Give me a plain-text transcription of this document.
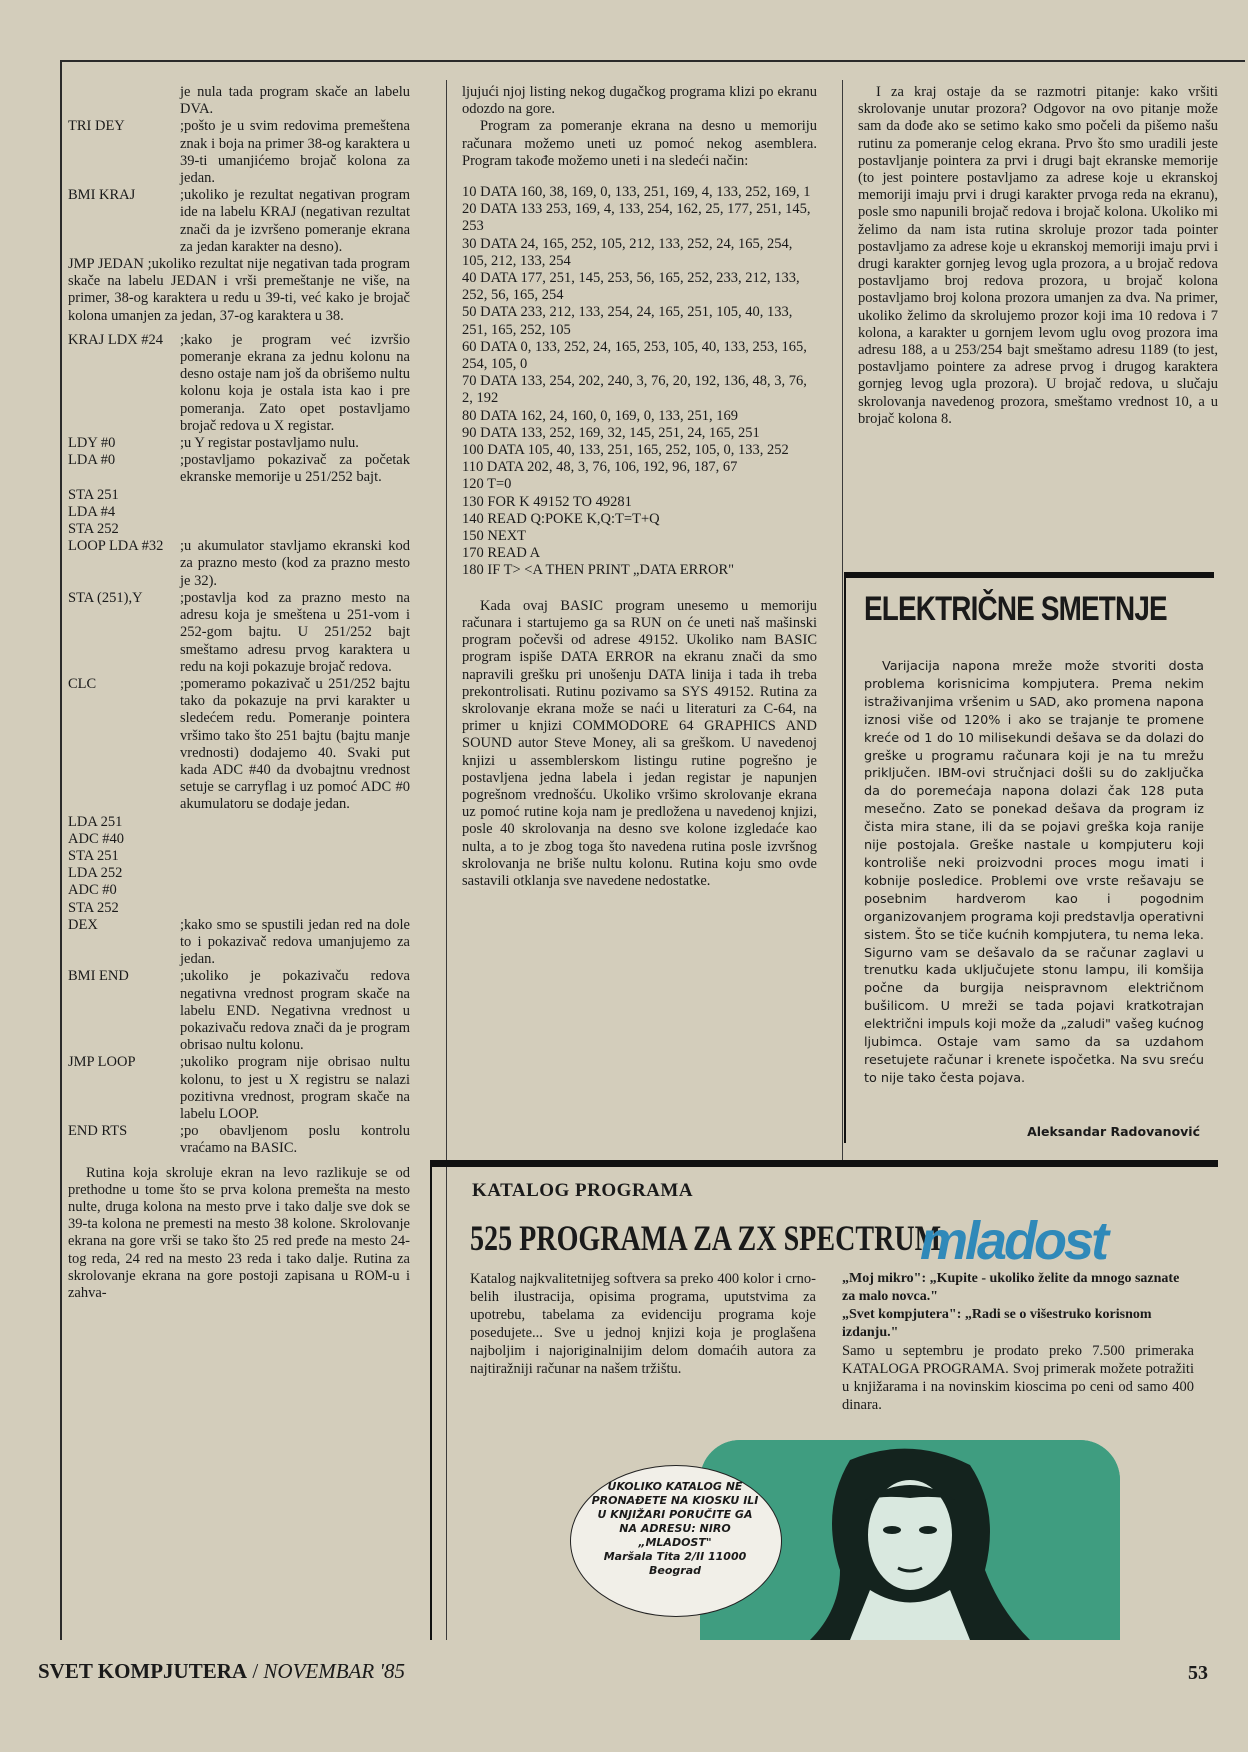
je nula tada program skače an labelu DVA.
TRI DEY	;pošto je u svim redovima premeštena znak i boja na primer 38-og karaktera u 39-ti umanjićemo brojač kolona za jedan.
BMI KRAJ	;ukoliko je rezultat negativan program ide na labelu KRAJ (negativan rezultat znači da je izvršeno pomeranje ekrana za jedan karakter na desno).

JMP JEDAN ;ukoliko rezultat nije negativan tada program skače na labelu JEDAN i vrši premeštanje ne više, na primer, 38-og karaktera u redu u 39-ti, već kako je brojač kolona umanjen za jedan, 37-og karaktera u 38.

KRAJ LDX #24	;kako je program već izvršio pomeranje ekrana za jednu kolonu na desno ostaje nam još da obrišemo nultu kolonu koja je ostala ista kao i pre pomeranja. Zato opet postavljamo brojač redova u X registar.
LDY #0	;u Y registar postavljamo nulu.
LDA #0	;postavljamo pokazivač za početak ekranske memorije u 251/252 bajt.
STA 251
LDA #4
STA 252
LOOP LDA #32	;u akumulator stavljamo ekranski kod za prazno mesto (kod za prazno mesto je 32).
STA (251),Y	;postavlja kod za prazno mesto na adresu koja je smeštena u 251-vom i 252-gom bajtu. U 251/252 bajt smeštamo adresu prvog karaktera u redu na koji pokazuje brojač redova.
CLC	;pomeramo pokazivač u 251/252 bajtu tako da pokazuje na prvi karakter u sledećem redu. Pomeranje pointera vršimo tako što 251 bajtu (bajtu manje vrednosti) dodajemo 40. Svaki put kada ADC #40 da dvobajtnu vrednost setuje se carryflag i uz pomoć ADC #0 akumulatoru se dodaje jedan.
LDA 251
ADC #40
STA 251
LDA 252
ADC #0
STA 252
DEX	;kako smo se spustili jedan red na dole to i pokazivač redova umanjujemo za jedan.
BMI END	;ukoliko je pokazivaču redova negativna vrednost program skače na labelu END. Negativna vrednost u pokazivaču redova znači da je program obrisao nultu kolonu.
JMP LOOP	;ukoliko program nije obrisao nultu kolonu, to jest u X registru se nalazi pozitivna vrednost, program skače na labelu LOOP.
END RTS	;po obavljenom poslu kontrolu vraćamo na BASIC.

Rutina koja skroluje ekran na levo razlikuje se od prethodne u tome što se prva kolona premešta na mesto nulte, druga kolona na mesto prve i tako dalje sve dok se 39-ta kolona ne premesti na mesto 38 kolone. Skrolovanje ekrana na gore vrši se tako što 25 red pređe na mesto 24-tog reda, 24 red na mesto 23 reda i tako dalje. Rutina za skrolovanje ekrana na gore postoji zapisana u ROM-u i zahva-

ljujući njoj listing nekog dugačkog programa klizi po ekranu odozdo na gore.

Program za pomeranje ekrana na desno u memoriju računara možemo uneti uz pomoć nekog asemblera. Program takođe možemo uneti i na sledeći način:

10 DATA 160, 38, 169, 0, 133, 251, 169, 4, 133, 252, 169, 1

20 DATA 133 253, 169, 4, 133, 254, 162, 25, 177, 251, 145, 253

30 DATA 24, 165, 252, 105, 212, 133, 252, 24, 165, 254, 105, 212, 133, 254

40 DATA 177, 251, 145, 253, 56, 165, 252, 233, 212, 133, 252, 56, 165, 254

50 DATA 233, 212, 133, 254, 24, 165, 251, 105, 40, 133, 251, 165, 252, 105

60 DATA 0, 133, 252, 24, 165, 253, 105, 40, 133, 253, 165, 254, 105, 0

70 DATA 133, 254, 202, 240, 3, 76, 20, 192, 136, 48, 3, 76, 2, 192

80 DATA 162, 24, 160, 0, 169, 0, 133, 251, 169

90 DATA 133, 252, 169, 32, 145, 251, 24, 165, 251

100 DATA 105, 40, 133, 251, 165, 252, 105, 0, 133, 252

110 DATA 202, 48, 3, 76, 106, 192, 96, 187, 67

120 T=0

130 FOR K 49152 TO 49281

140 READ Q:POKE K,Q:T=T+Q

150 NEXT

170 READ A

180 IF T> <A THEN PRINT „DATA ERROR"

Kada ovaj BASIC program unesemo u memoriju računara i startujemo ga sa RUN on će uneti naš mašinski program počevši od adrese 49152. Ukoliko nam BASIC program ispiše DATA ERROR na ekranu znači da smo napravili grešku pri unošenju DATA linija i tada ih treba prekontrolisati. Rutinu pozivamo sa SYS 49152. Rutina za skrolovanje ekrana može se naći u literaturi za C-64, na primer u knjizi COMMODORE 64 GRAPHICS AND SOUND autor Steve Money, ali sa greškom. U navedenoj knjizi u assemblerskom listingu rutine pogrešno je postavljena jedna labela i jedan registar je napunjen pogrešnom vrednošću. Ukoliko vršimo skrolovanje ekrana uz pomoć rutine koja nam je predložena u navedenoj knjizi, posle 40 skrolovanja na desno sve kolone izgledaće kao nulta, a to je zbog toga što navedena rutina posle izvršnog skrolovanja ne briše nultu kolonu. Rutina koju smo ovde sastavili otklanja sve navedene nedostatke.

I za kraj ostaje da se razmotri pitanje: kako vršiti skrolovanje unutar prozora? Odgovor na ovo pitanje može sam da dođe ako se setimo kako smo počeli da pišemo našu rutinu za pomeranje celog ekrana. Prvo što smo uradili jeste postavljanje pointera za prvi i drugi bajt ekranske memorije (to jest pointere postavljamo za adrese koje u ekranskoj memoriji imaju prvi i drugi karakter prvoga reda na ekranu), posle smo napunili brojač redova i brojač kolona. Ukoliko mi želimo da nam ista rutina skroluje prozor tada pointer postavljamo za adrese koje u ekranskoj memoriji imaju prvi i drugi karakter gornjeg levog ugla prozora, a u brojač redova postavljamo broj redova prozora, u brojač kolona postavljamo broj kolona prozora umanjen za dva. Na primer, ukoliko želimo da skrolujemo prozor koji ima 10 redova i 7 kolona, a karakter u gornjem levom uglu ovog prozora ima adresu 188, a u 253/254 bajt smeštamo adresu 1189 (to jest, postavljamo pointere za adrese prvog i drugog karaktera gornjeg levog ugla prozora). U brojač redova, u slučaju skrolovanja navedenog prozora, smeštamo vrednost 10, a u brojač kolona 8.

ELEKTRIČNE SMETNJE

Varijacija napona mreže može stvoriti dosta problema korisnicima kompjutera. Prema nekim istraživanjima vršenim u SAD, ako promena napona iznosi više od 120% i ako se trajanje te promene kreće od 1 do 10 milisekundi dešava se da dolazi do greške u programu računara koji je na tu mrežu priključen. IBM-ovi stručnjaci došli su do zaključka da do poremećaja napona dolazi čak 128 puta mesečno. Zato se ponekad dešava da program iz čista mira stane, ili da se pojavi greška koja ranije nije postojala. Greške nastale u kompjuteru koji kontroliše neki proizvodni proces mogu imati i kobnije posledice. Problemi ove vrste rešavaju se posebnim hardverom kao i pogodnim organizovanjem programa koji predstavlja operativni sistem. Što se tiče kućnih kompjutera, tu nema leka. Sigurno vam se dešavalo da se računar zaglavi u trenutku kada uključujete stonu lampu, ili komšija počne da burgija neispravnom električnom bušilicom. U mreži se tada pojavi kratkotrajan električni impuls koji može da „zaludi" vašeg kućnog ljubimca. Ostaje vam samo da sa uzdahom resetujete računar i krenete ispočetka. Na svu sreću to nije tako česta pojava.

Aleksandar Radovanović

KATALOG PROGRAMA

525 PROGRAMA ZA ZX SPECTRUM

mladost

Katalog najkvalitetnijeg softvera sa preko 400 kolor i crno-belih ilustracija, opisima programa, uputstvima za upotrebu, tabelama za evidenciju programa koje posedujete... Sve u jednoj knjizi koja je proglašena najboljim i najoriginalnijim delom domaćih autora za najtiražniji računar na našem tržištu.

„Moj mikro": „Kupite - ukoliko želite da mnogo saznate za malo novca."

„Svet kompjutera": „Radi se o višestruko korisnom izdanju."

Samo u septembru je prodato preko 7.500 primeraka KATALOGA PROGRAMA. Svoj primerak možete potražiti u knjižarama i na novinskim kioscima po ceni od samo 400 dinara.

UKOLIKO KATALOG NE PRONAĐETE NA KIOSKU ILI U KNJIŽARI PORUČITE GA NA ADRESU: NIRO „MLADOST"
Maršala Tita 2/II 11000 Beograd

SVET KOMPJUTERA / NOVEMBAR '85	53
